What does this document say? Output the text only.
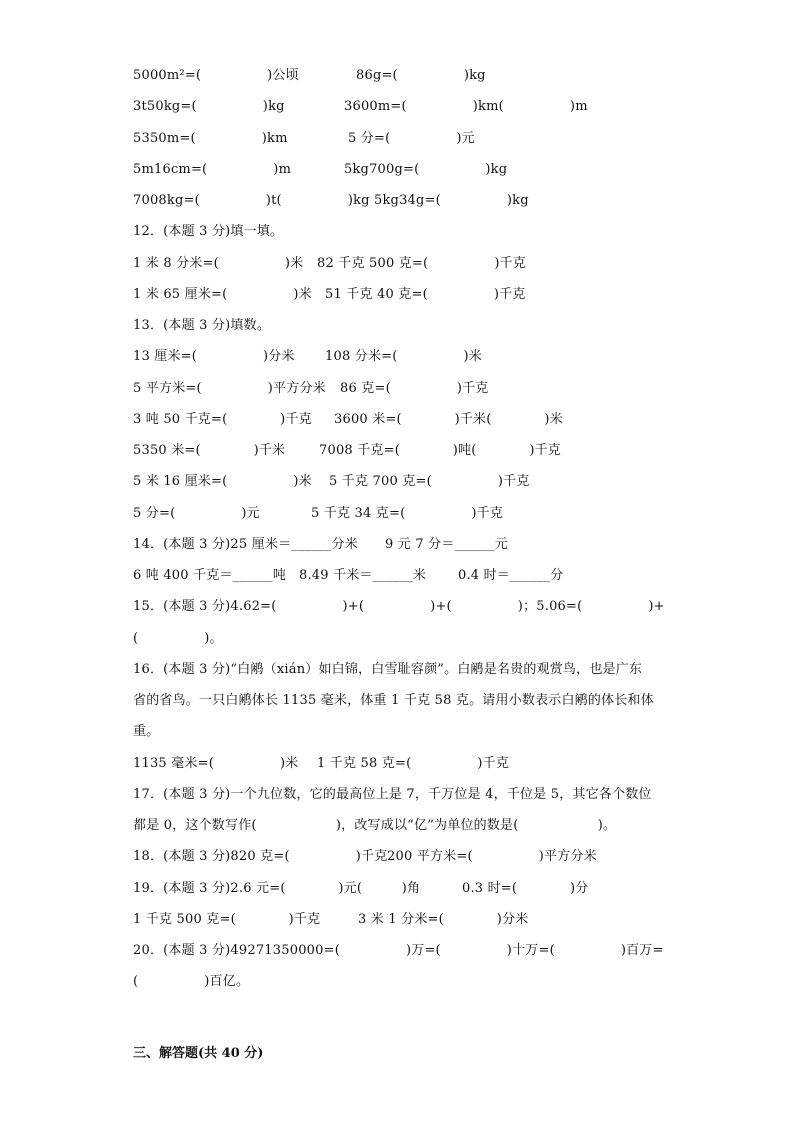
5000m²=(　　　　　)公顷

	86g=(　　　　　)kg

3t50kg=(　　　　　)kg

	3600m=(　　　　　)km(　　　　　)m

5350m=(　　　　　)km

	5 分=(　　　　　)元

5m16cm=(　　　　　)m

	5kg700g=(　　　　　)kg

7008kg=(　　　　　)t(　　　　　)kg

5kg34g=(　　　　　)kg

12．(本题 3 分)填一填。

1 米 8 分米=(　　　　　)米

82 千克 500 克=(　　　　　)千克

1 米 65 厘米=(　　　　　)米

51 千克 40 克=(　　　　　)千克

13．(本题 3 分)填数。

13 厘米=(　　　　　)分米

108 分米=(　　　　　)米

5 平方米=(　　　　　)平方分米

86 克=(　　　　　)千克

3 吨 50 千克=(　　　　)千克

3600 米=(　　　　)千米(　　　　)米

5350 米=(　　　　)千米

	7008 千克=(　　　　)吨(　　　　)千克

5 米 16 厘米=(　　　　　)米

5 千克 700 克=(　　　　　)千克

5 分=(　　　　　)元

	5 千克 34 克=(　　　　　)千克

14．(本题 3 分)25 厘米＝______分米

9 元 7 分＝______元

6 吨 400 千克＝______吨

8.49 千米＝______米

0.4 时＝______分

15．(本题 3 分)4.62=(　　　　　)+(　　　　　)+(　　　　　)；5.06=(　　　　　)+

(　　　　　)。

16．(本题 3 分)“白鹇（xián）如白锦，白雪耻容颜”。白鹇是名贵的观赏鸟，也是广东

省的省鸟。一只白鹇体长 1135 毫米，体重 1 千克 58 克。请用小数表示白鹇的体长和体

重。

1135 毫米=(　　　　　)米

1 千克 58 克=(　　　　　)千克

17．(本题 3 分)一个九位数，它的最高位上是 7，千万位是 4，千位是 5，其它各个数位

都是 0，这个数写作(　　　　　　)，改写成以“亿”为单位的数是(　　　　　　)。

18．(本题 3 分)820 克=(　　　　　)千克

200 平方米=(　　　　　)平方分米

19．(本题 3 分)2.6 元=(　　　　)元(　　　)角

	0.3 时=(　　　　)分

1 千克 500 克=(　　　　)千克

	3 米 1 分米=(　　　　)分米

20．(本题 3 分)49271350000=(　　　　　)万=(　　　　　)十万=(　　　　　)百万=

(　　　　　)百亿。

三、解答题(共 40 分)
